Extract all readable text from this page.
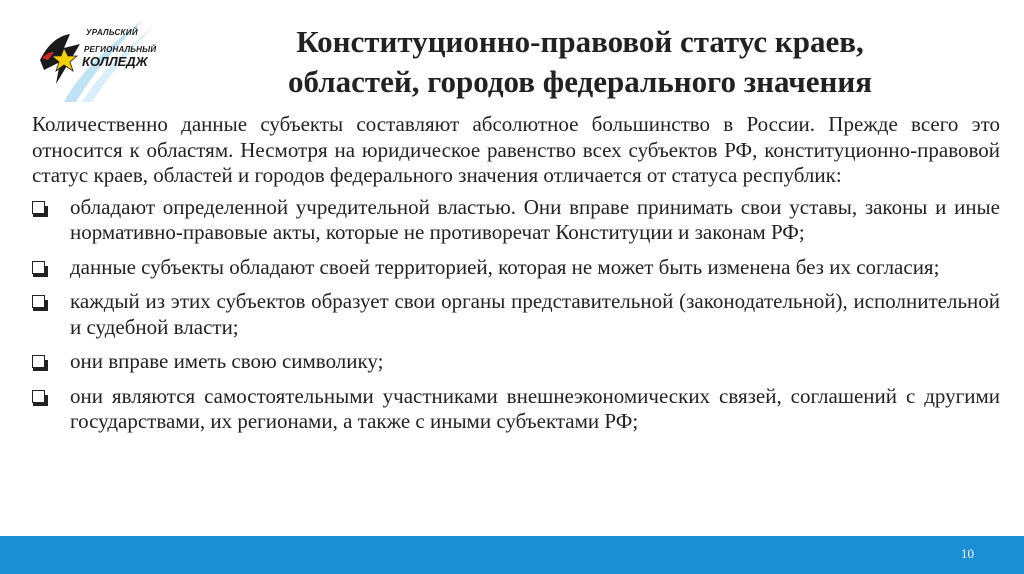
УРАЛЬСКИЙ
РЕГИОНАЛЬНЫЙ
КОЛЛЕДЖ
Конституционно-правовой статус краев,
областей, городов федерального значения

Количественно данные субъекты составляют абсолютное большинство в России. Прежде всего это относится к областям. Несмотря на юридическое равенство всех субъектов РФ, конституционно-правовой статус краев, областей и городов федерального значения отличается от статуса республик:

обладают определенной учредительной властью. Они вправе принимать свои уставы, законы и иные нормативно-правовые акты, которые не противоречат Конституции и законам РФ;
данные субъекты обладают своей территорией, которая не может быть изменена без их согласия;
каждый из этих субъектов образует свои органы представительной (законодательной), исполнительной и судебной власти;
они вправе иметь свою символику;
они являются самостоятельными участниками внешнеэкономических связей, соглашений с другими государствами, их регионами, а также с иными субъектами РФ;
10
